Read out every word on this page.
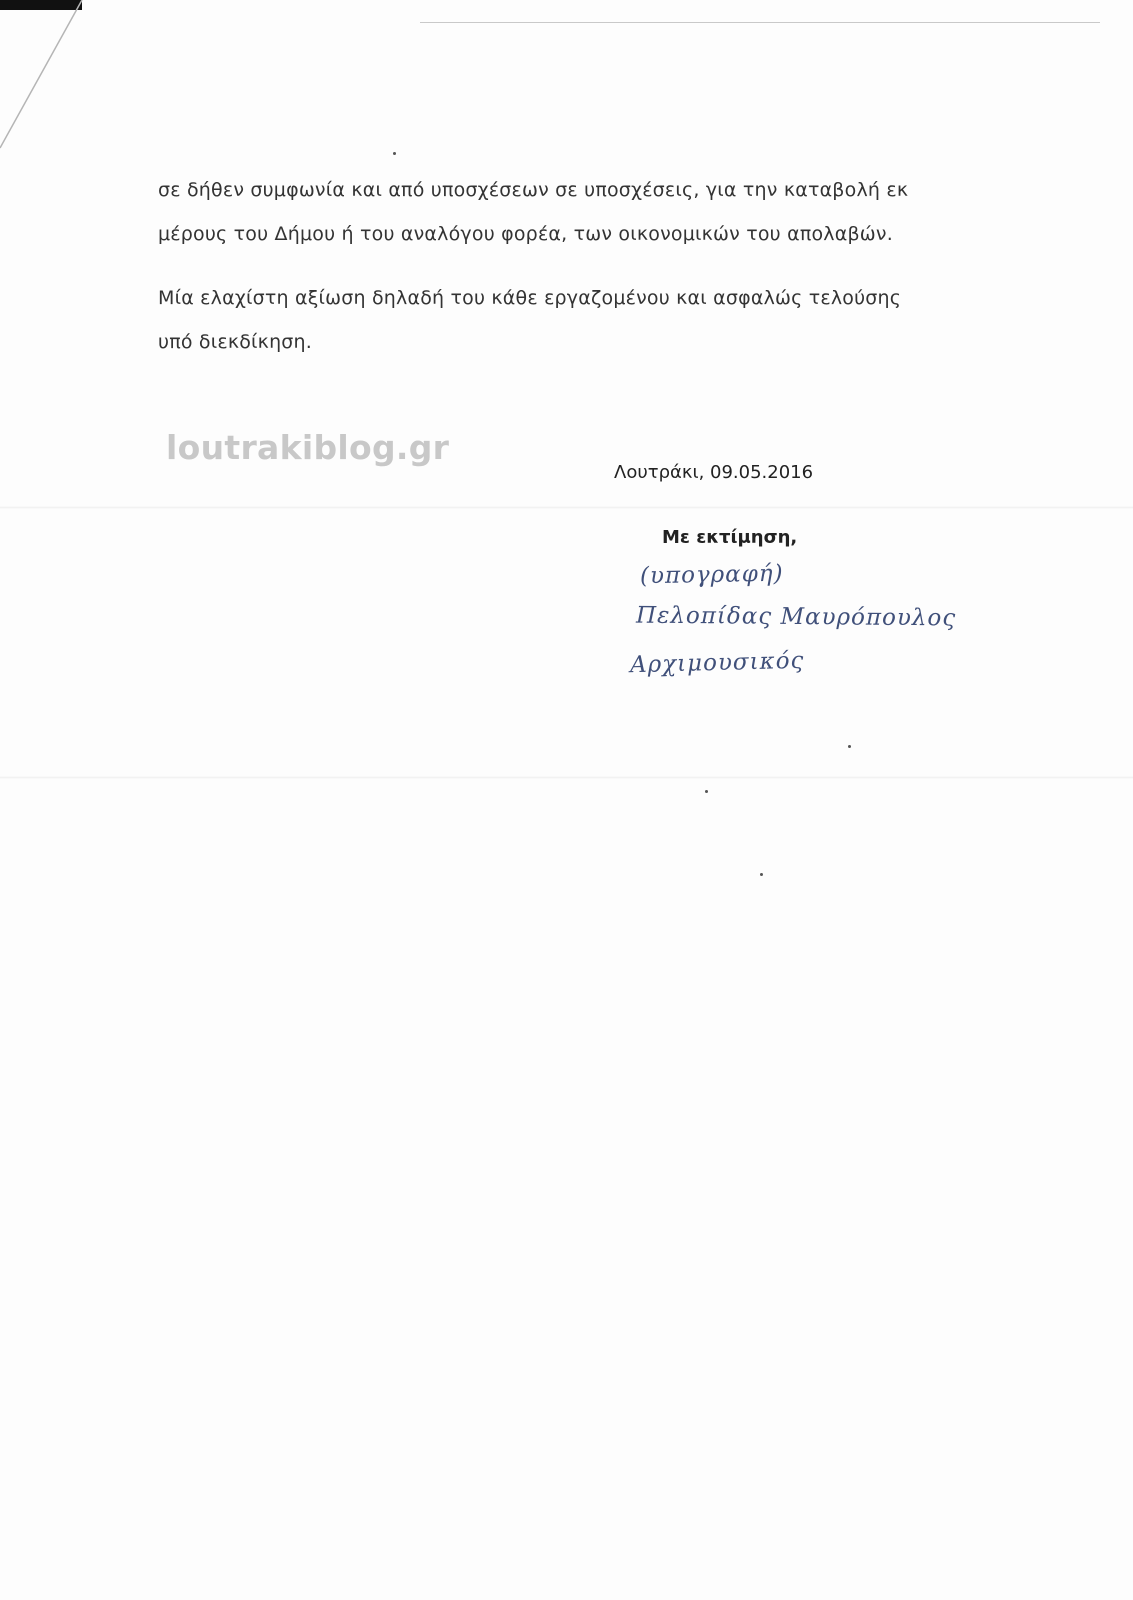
σε δήθεν συμφωνία και από υποσχέσεων σε υποσχέσεις, για την καταβολή εκ

μέρους του Δήμου ή του αναλόγου φορέα, των οικονομικών του απολαβών.

Μία ελαχίστη αξίωση δηλαδή του κάθε εργαζομένου και ασφαλώς τελούσης

υπό διεκδίκηση.

loutrakiblog.gr
Λουτράκι, 09.05.2016
Με εκτίμηση,
(υπογραφή)
Πελοπίδας Μαυρόπουλος
Αρχιμουσικός
